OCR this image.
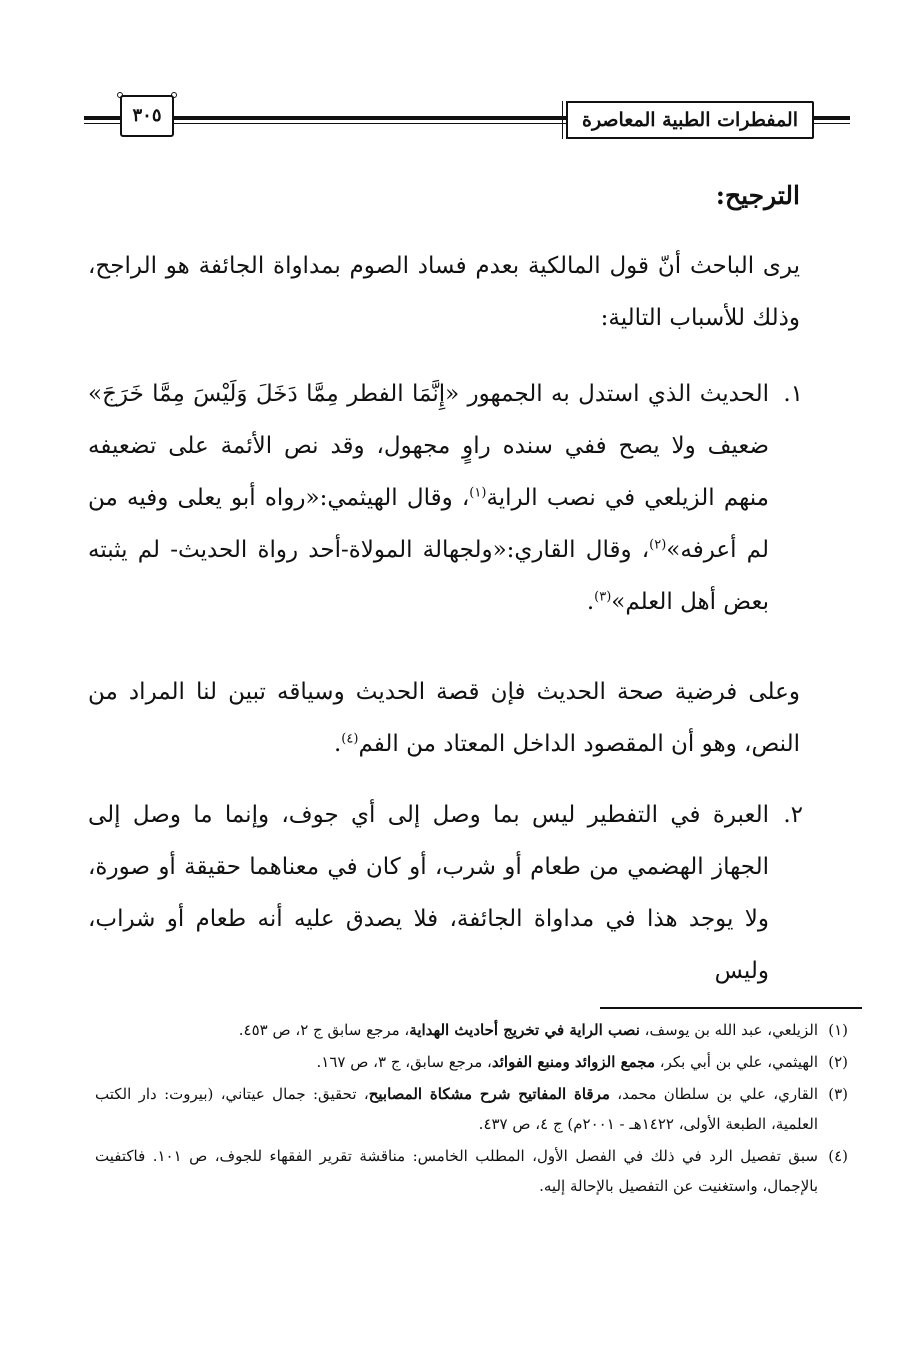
المفطرات الطبية المعاصرة
٣٠٥
الترجيح:
يرى الباحث أنّ قول المالكية بعدم فساد الصوم بمداواة الجائفة هو الراجح، وذلك للأسباب التالية:
١.
الحديث الذي استدل به الجمهور «إِنَّمَا الفطر مِمَّا دَخَلَ وَلَيْسَ مِمَّا خَرَجَ» ضعيف ولا يصح ففي سنده راوٍ مجهول، وقد نص الأئمة على تضعيفه منهم الزيلعي في نصب الراية$^{(١)}$، وقال الهيثمي:«رواه أبو يعلى وفيه من لم أعرفه»$^{(٢)}$، وقال القاري:«ولجهالة المولاة-أحد رواة الحديث- لم يثبته بعض أهل العلم»$^{(٣)}$.
وعلى فرضية صحة الحديث فإن قصة الحديث وسياقه تبين لنا المراد من النص، وهو أن المقصود الداخل المعتاد من الفم$^{(٤)}$.
٢.
العبرة في التفطير ليس بما وصل إلى أي جوف، وإنما ما وصل إلى الجهاز الهضمي من طعام أو شرب، أو كان في معناهما حقيقة أو صورة، ولا يوجد هذا في مداواة الجائفة، فلا يصدق عليه أنه طعام أو شراب، وليس
(١)
الزيلعي، عبد الله بن يوسف، نصب الراية في تخريج أحاديث الهداية، مرجع سابق ج ٢، ص ٤٥٣.
(٢)
الهيثمي، علي بن أبي بكر، مجمع الزوائد ومنبع الفوائد، مرجع سابق، ج ٣، ص ١٦٧.
(٣)
القاري، علي بن سلطان محمد، مرقاة المفاتيح شرح مشكاة المصابيح، تحقيق: جمال عيتاني، (بيروت: دار الكتب العلمية، الطبعة الأولى، ١٤٢٢هـ - ٢٠٠١م) ج ٤، ص ٤٣٧.
(٤)
سبق تفصيل الرد في ذلك في الفصل الأول، المطلب الخامس: مناقشة تقرير الفقهاء للجوف، ص ١٠١. فاكتفيت بالإجمال، واستغنيت عن التفصيل بالإحالة إليه.
